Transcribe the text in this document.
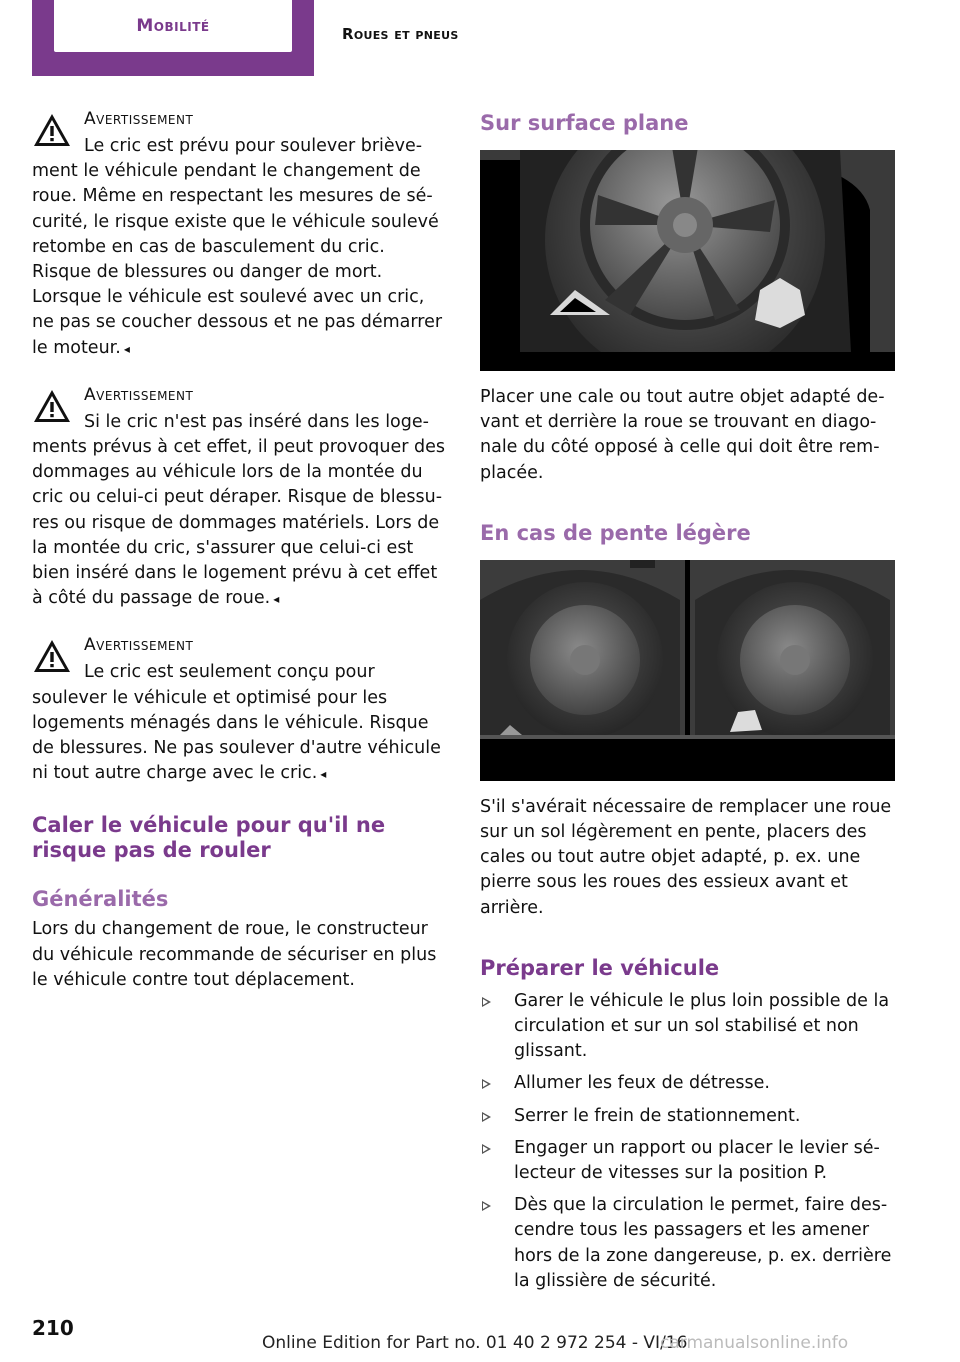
Mobilité	Roues et pneus
Avertissement

Le cric est prévu pour soulever brièvement le véhicule pendant le changement de roue. Même en respectant les mesures de sécurité, le risque existe que le véhicule soulevé retombe en cas de basculement du cric. Risque de blessures ou danger de mort. Lorsque le véhicule est soulevé avec un cric, ne pas se coucher dessous et ne pas démarrer le moteur. ◂

Avertissement

Si le cric n'est pas inséré dans les logements prévus à cet effet, il peut provoquer des dommages au véhicule lors de la montée du cric ou celui-ci peut déraper. Risque de blessures ou risque de dommages matériels. Lors de la montée du cric, s'assurer que celui-ci est bien inséré dans le logement prévu à cet effet à côté du passage de roue. ◂

Avertissement

Le cric est seulement conçu pour soulever le véhicule et optimisé pour les logements ménagés dans le véhicule. Risque de blessures. Ne pas soulever d'autre véhicule ni tout autre charge avec le cric. ◂

Caler le véhicule pour qu'il ne risque pas de rouler
Généralités

Lors du changement de roue, le constructeur du véhicule recommande de sécuriser en plus le véhicule contre tout déplacement.

Sur surface plane

Placer une cale ou tout autre objet adapté devant et derrière la roue se trouvant en diagonale du côté opposé à celle qui doit être remplacée.

En cas de pente légère

S'il s'avérait nécessaire de remplacer une roue sur un sol légèrement en pente, placers des cales ou tout autre objet adapté, p. ex. une pierre sous les roues des essieux avant et arrière.

Préparer le véhicule
Garer le véhicule le plus loin possible de la circulation et sur un sol stabilisé et non glissant.
Allumer les feux de détresse.
Serrer le frein de stationnement.
Engager un rapport ou placer le levier sélecteur de vitesses sur la position P.
Dès que la circulation le permet, faire descendre tous les passagers et les amener hors de la zone dangereuse, p. ex. derrière la glissière de sécurité.
210
Online Edition for Part no. 01 40 2 972 254 - VI/16
carmanualsonline.info
